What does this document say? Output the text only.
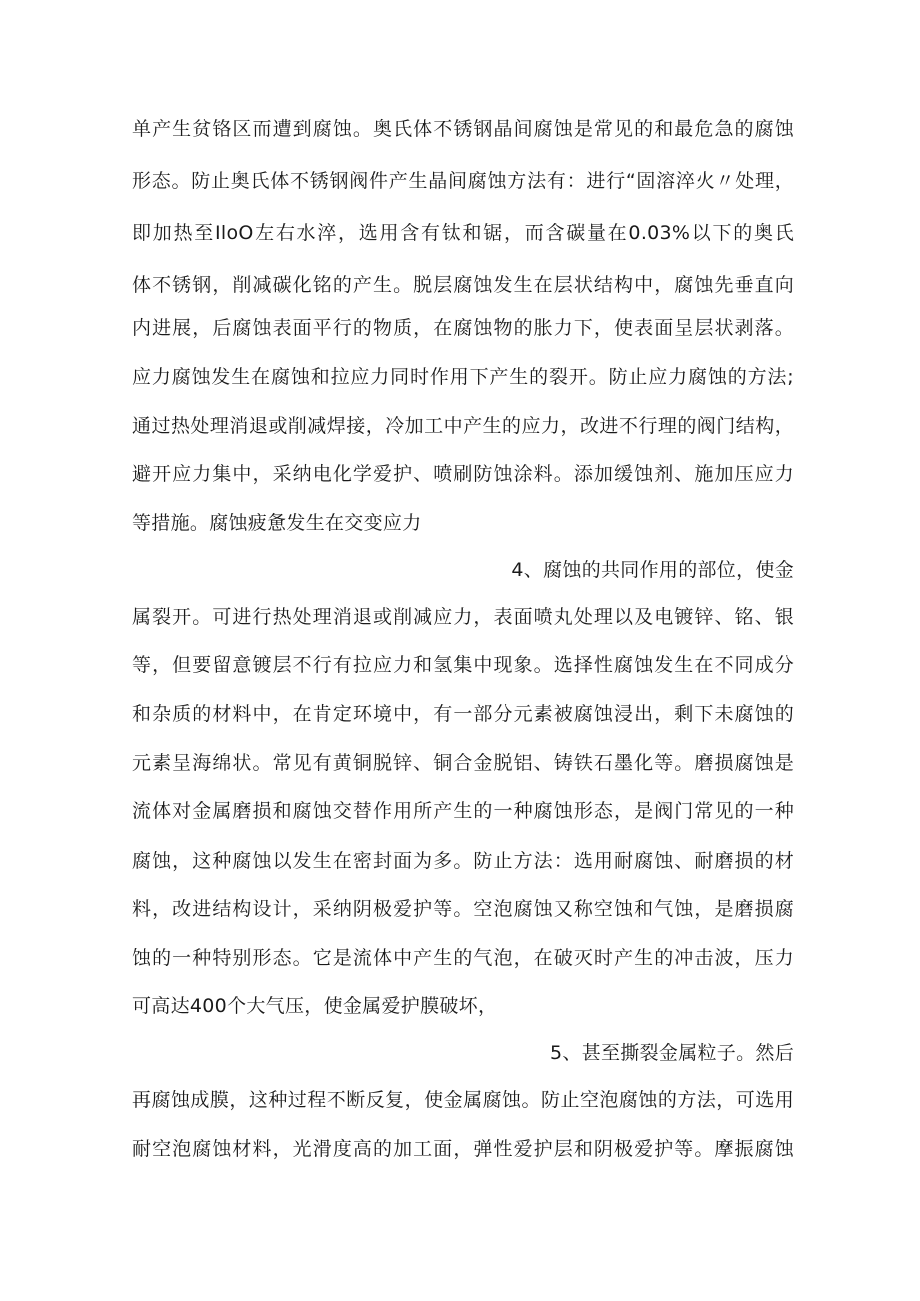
单产生贫铬区而遭到腐蚀。奥氏体不锈钢晶间腐蚀是常见的和最危急的腐蚀
形态。防止奥氏体不锈钢阀件产生晶间腐蚀方法有：进行“固溶淬火〃处理，
即加热至IloO左右水淬，选用含有钛和锯，而含碳量在0.03%以下的奥氏
体不锈钢，削减碳化铭的产生。脱层腐蚀发生在层状结构中，腐蚀先垂直向
内进展，后腐蚀表面平行的物质，在腐蚀物的胀力下，使表面呈层状剥落。
应力腐蚀发生在腐蚀和拉应力同时作用下产生的裂开。防止应力腐蚀的方法;
通过热处理消退或削减焊接，冷加工中产生的应力，改进不行理的阀门结构，
避开应力集中，采纳电化学爱护、喷刷防蚀涂料。添加缓蚀剂、施加压应力
等措施。腐蚀疲惫发生在交变应力
4、腐蚀的共同作用的部位，使金
属裂开。可进行热处理消退或削减应力，表面喷丸处理以及电镀锌、铭、银
等，但要留意镀层不行有拉应力和氢集中现象。选择性腐蚀发生在不同成分
和杂质的材料中，在肯定环境中，有一部分元素被腐蚀浸出，剩下未腐蚀的
元素呈海绵状。常见有黄铜脱锌、铜合金脱铝、铸铁石墨化等。磨损腐蚀是
流体对金属磨损和腐蚀交替作用所产生的一种腐蚀形态，是阀门常见的一种
腐蚀，这种腐蚀以发生在密封面为多。防止方法：选用耐腐蚀、耐磨损的材
料，改进结构设计，采纳阴极爱护等。空泡腐蚀又称空蚀和气蚀，是磨损腐
蚀的一种特别形态。它是流体中产生的气泡，在破灭时产生的冲击波，压力
可高达400个大气压，使金属爱护膜破坏，
5、甚至撕裂金属粒子。然后
再腐蚀成膜，这种过程不断反复，使金属腐蚀。防止空泡腐蚀的方法，可选用
耐空泡腐蚀材料，光滑度高的加工面，弹性爱护层和阴极爱护等。摩振腐蚀
